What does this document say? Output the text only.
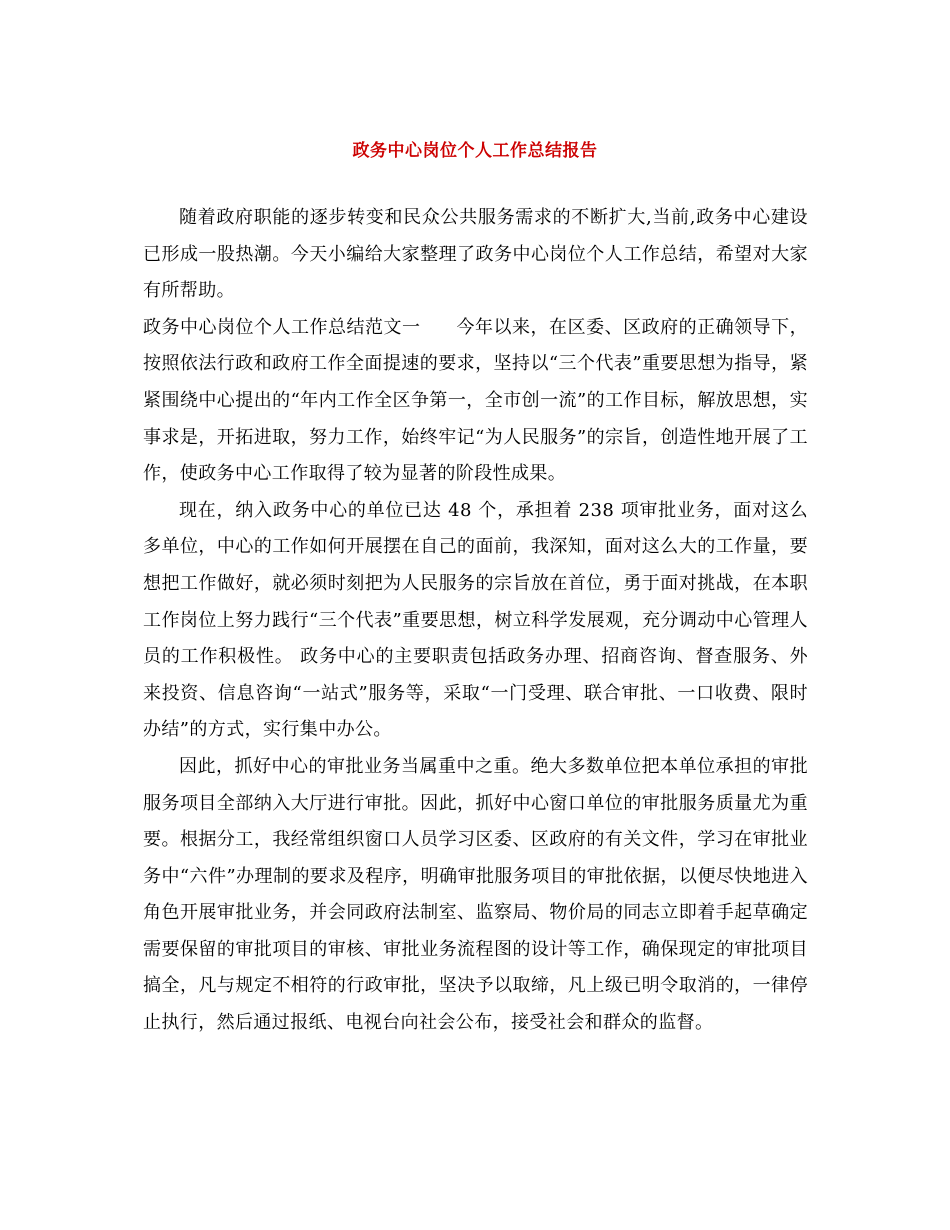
政务中心岗位个人工作总结报告

随着政府职能的逐步转变和民众公共服务需求的不断扩大,当前,政务中心建设已形成一股热潮。今天小编给大家整理了政务中心岗位个人工作总结，希望对大家有所帮助。

政务中心岗位个人工作总结范文一 今年以来，在区委、区政府的正确领导下，按照依法行政和政府工作全面提速的要求，坚持以“三个代表”重要思想为指导，紧紧围绕中心提出的“年内工作全区争第一，全市创一流”的工作目标，解放思想，实事求是，开拓进取，努力工作，始终牢记“为人民服务”的宗旨，创造性地开展了工作，使政务中心工作取得了较为显著的阶段性成果。

现在，纳入政务中心的单位已达 48 个，承担着 238 项审批业务，面对这么多单位，中心的工作如何开展摆在自己的面前，我深知，面对这么大的工作量，要想把工作做好，就必须时刻把为人民服务的宗旨放在首位，勇于面对挑战，在本职工作岗位上努力践行“三个代表”重要思想，树立科学发展观，充分调动中心管理人员的工作积极性。 政务中心的主要职责包括政务办理、招商咨询、督查服务、外来投资、信息咨询“一站式”服务等，采取“一门受理、联合审批、一口收费、限时办结”的方式，实行集中办公。

因此，抓好中心的审批业务当属重中之重。绝大多数单位把本单位承担的审批服务项目全部纳入大厅进行审批。因此，抓好中心窗口单位的审批服务质量尤为重要。根据分工，我经常组织窗口人员学习区委、区政府的有关文件，学习在审批业务中“六件”办理制的要求及程序，明确审批服务项目的审批依据，以便尽快地进入角色开展审批业务，并会同政府法制室、监察局、物价局的同志立即着手起草确定需要保留的审批项目的审核、审批业务流程图的设计等工作，确保现定的审批项目搞全，凡与规定不相符的行政审批，坚决予以取缔，凡上级已明令取消的，一律停止执行，然后通过报纸、电视台向社会公布，接受社会和群众的监督。
